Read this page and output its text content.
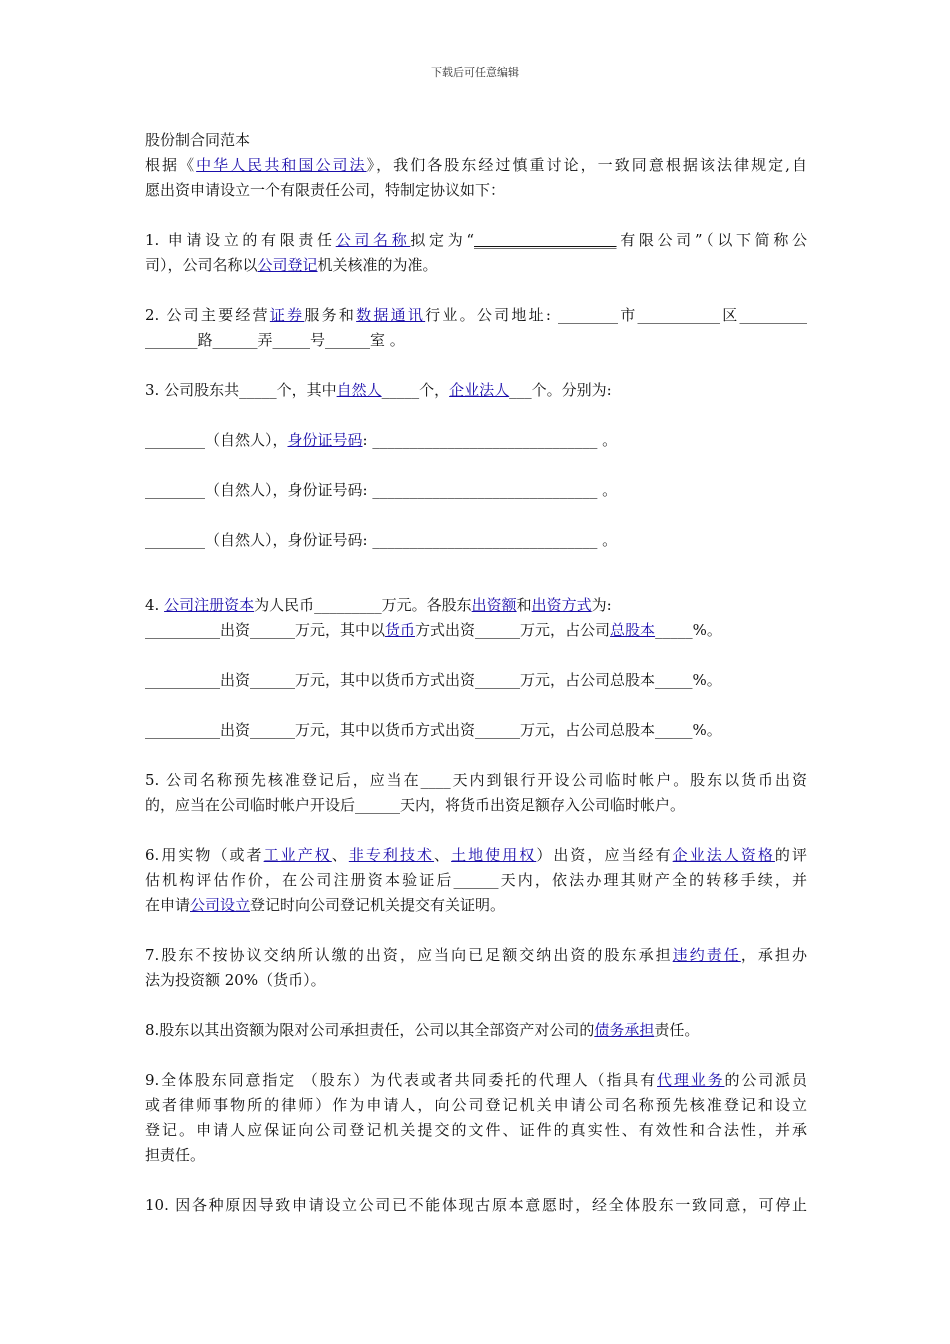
下载后可任意编辑

股份制合同范本

根据《中华人民共和国公司法》，我们各股东经过慎重讨论，一致同意根据该法律规定,自

愿出资申请设立一个有限责任公司，特制定协议如下：

1. 申请设立的有限责任公司名称拟定为“___________________有限公司”（以下简称公

司），公司名称以公司登记机关核准的为准。

2. 公司主要经营证券服务和数据通讯行业。公司地址: ________市___________区_________

_______路______弄_____号______室 。

3. 公司股东共_____个，其中自然人_____个，企业法人___个。分别为:

________（自然人），身份证号码: ______________________________ 。

________（自然人），身份证号码: ______________________________ 。

________（自然人），身份证号码: ______________________________ 。

4. 公司注册资本为人民币_________万元。各股东出资额和出资方式为:

__________出资______万元，其中以货币方式出资______万元，占公司总股本_____%。

__________出资______万元，其中以货币方式出资______万元，占公司总股本_____%。

__________出资______万元，其中以货币方式出资______万元，占公司总股本_____%。

5. 公司名称预先核准登记后，应当在____天内到银行开设公司临时帐户。股东以货币出资

的，应当在公司临时帐户开设后______天内，将货币出资足额存入公司临时帐户。

6.用实物（或者工业产权、非专利技术、土地使用权）出资，应当经有企业法人资格的评

估机构评估作价，在公司注册资本验证后______天内，依法办理其财产全的转移手续，并

在申请公司设立登记时向公司登记机关提交有关证明。

7.股东不按协议交纳所认缴的出资，应当向已足额交纳出资的股东承担违约责任，承担办

法为投资额 20%（货币）。

8.股东以其出资额为限对公司承担责任，公司以其全部资产对公司的债务承担责任。

9.全体股东同意指定 （股东）为代表或者共同委托的代理人（指具有代理业务的公司派员

或者律师事物所的律师）作为申请人，向公司登记机关申请公司名称预先核准登记和设立

登记。申请人应保证向公司登记机关提交的文件、证件的真实性、有效性和合法性，并承

担责任。

10. 因各种原因导致申请设立公司已不能体现古原本意愿时，经全体股东一致同意，可停止
